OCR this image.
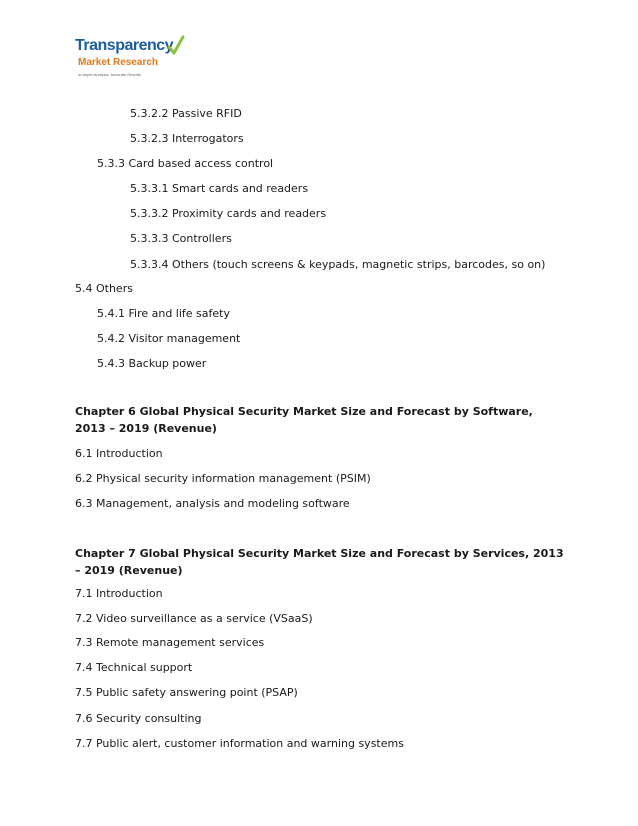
Transparency
Market Research
In-depth Analysis. Accurate Results.
5.3.2.2 Passive RFID
5.3.2.3 Interrogators
5.3.3 Card based access control
5.3.3.1 Smart cards and readers
5.3.3.2 Proximity cards and readers
5.3.3.3 Controllers
5.3.3.4 Others (touch screens & keypads, magnetic strips, barcodes, so on)
5.4 Others
5.4.1 Fire and life safety
5.4.2 Visitor management
5.4.3 Backup power
Chapter 6 Global Physical Security Market Size and Forecast by Software, 2013 – 2019 (Revenue)
6.1 Introduction
6.2 Physical security information management (PSIM)
6.3 Management, analysis and modeling software
Chapter 7 Global Physical Security Market Size and Forecast by Services, 2013 – 2019 (Revenue)
7.1 Introduction
7.2 Video surveillance as a service (VSaaS)
7.3 Remote management services
7.4 Technical support
7.5 Public safety answering point (PSAP)
7.6 Security consulting
7.7 Public alert, customer information and warning systems
